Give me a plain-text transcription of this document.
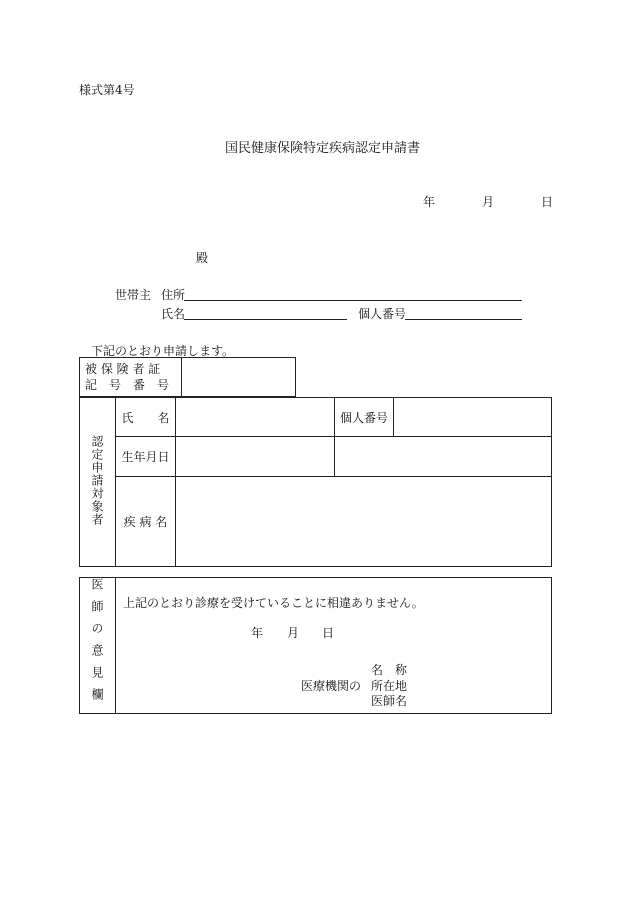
様式第4号
国民健康保険特定疾病認定申請書
年	月	日
殿
世帯主 住所
氏名	個人番号
下記のとおり申請します。
被 保 険 者 証
記　号　番　号

認定申請対象者	氏　　名		個人番号	
	生年月日			
	疾 病 名			
医師の意見欄	上記のとおり診療を受けていることに相違ありません。
年 月 日
名　称
医療機関の 所在地
医師名
